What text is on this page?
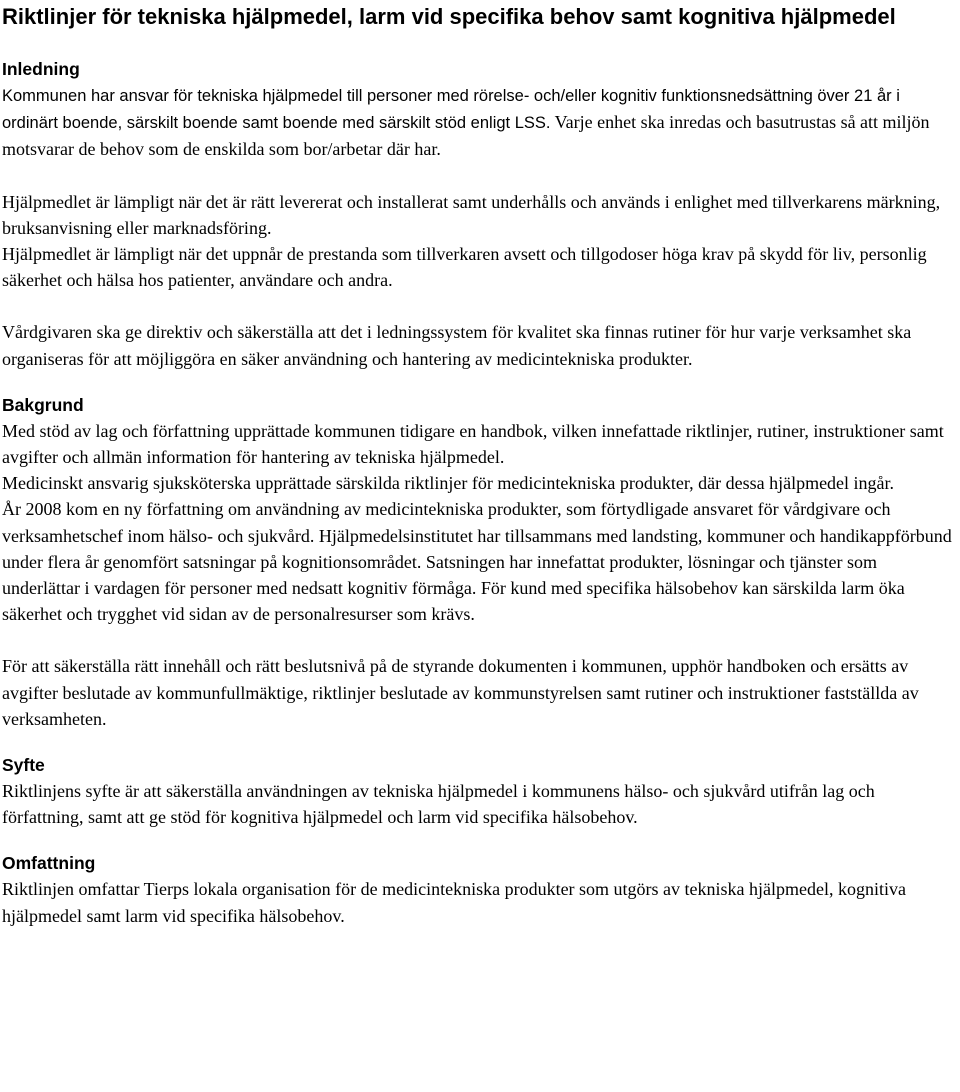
Riktlinjer för tekniska hjälpmedel, larm vid specifika behov samt kognitiva hjälpmedel
Inledning

Kommunen har ansvar för tekniska hjälpmedel till personer med rörelse- och/eller kognitiv funktionsnedsättning över 21 år i ordinärt boende, särskilt boende samt boende med särskilt stöd enligt LSS. Varje enhet ska inredas och basutrustas så att miljön motsvarar de behov som de enskilda som bor/arbetar där har.

Hjälpmedlet är lämpligt när det är rätt levererat och installerat samt underhålls och används i enlighet med tillverkarens märkning, bruksanvisning eller marknadsföring.

Hjälpmedlet är lämpligt när det uppnår de prestanda som tillverkaren avsett och tillgodoser höga krav på skydd för liv, personlig säkerhet och hälsa hos patienter, användare och andra.

Vårdgivaren ska ge direktiv och säkerställa att det i ledningssystem för kvalitet ska finnas rutiner för hur varje verksamhet ska organiseras för att möjliggöra en säker användning och hantering av medicintekniska produkter.

Bakgrund

Med stöd av lag och författning upprättade kommunen tidigare en handbok, vilken innefattade riktlinjer, rutiner, instruktioner samt avgifter och allmän information för hantering av tekniska hjälpmedel.

Medicinskt ansvarig sjuksköterska upprättade särskilda riktlinjer för medicintekniska produkter, där dessa hjälpmedel ingår.

År 2008 kom en ny författning om användning av medicintekniska produkter, som förtydligade ansvaret för vårdgivare och verksamhetschef inom hälso- och sjukvård. Hjälpmedelsinstitutet har tillsammans med landsting, kommuner och handikappförbund under flera år genomfört satsningar på kognitionsområdet. Satsningen har innefattat produkter, lösningar och tjänster som underlättar i vardagen för personer med nedsatt kognitiv förmåga. För kund med specifika hälsobehov kan särskilda larm öka säkerhet och trygghet vid sidan av de personalresurser som krävs.

För att säkerställa rätt innehåll och rätt beslutsnivå på de styrande dokumenten i kommunen, upphör handboken och ersätts av avgifter beslutade av kommunfullmäktige, riktlinjer beslutade av kommunstyrelsen samt rutiner och instruktioner fastställda av verksamheten.

Syfte

Riktlinjens syfte är att säkerställa användningen av tekniska hjälpmedel i kommunens hälso- och sjukvård utifrån lag och författning, samt att ge stöd för kognitiva hjälpmedel och larm vid specifika hälsobehov.

Omfattning

Riktlinjen omfattar Tierps lokala organisation för de medicintekniska produkter som utgörs av tekniska hjälpmedel, kognitiva hjälpmedel samt larm vid specifika hälsobehov.
